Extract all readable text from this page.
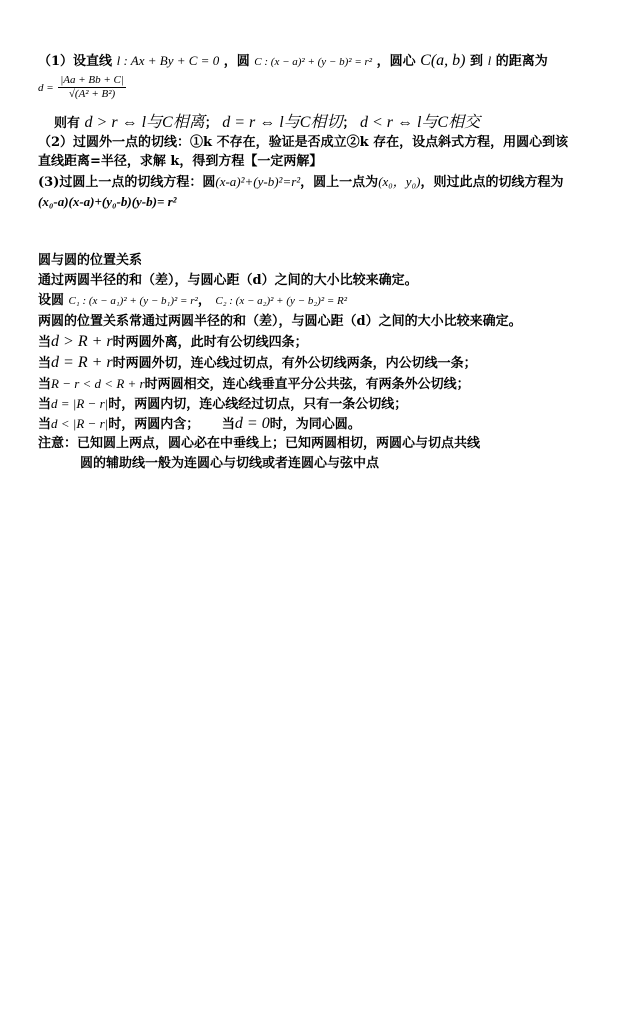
（1）设直线 l : Ax + By + C = 0 ，圆 C : (x − a)² + (y − b)² = r² ，圆心 C(a, b) 到 l 的距离为
$d = \frac{|Aa + Bb + C|}{\text{√(A² + B²)}}$
则有 d > r ⇔ l与C相离； d = r ⇔ l与C相切； d < r ⇔ l与C相交
（2）过圆外一点的切线：①k 不存在，验证是否成立②k 存在，设点斜式方程，用圆心到该
直线距离=半径，求解 k，得到方程【一定两解】
(3)过圆上一点的切线方程：圆(x-a)²+(y-b)²=r²，圆上一点为(x₀，y₀)，则过此点的切线方程为
(x₀-a)(x-a)+(y₀-b)(y-b)= r²
圆与圆的位置关系
通过两圆半径的和（差），与圆心距（d）之间的大小比较来确定。
设圆 C₁ : (x − a₁)² + (y − b₁)² = r²， C₂ : (x − a₂)² + (y − b₂)² = R²
两圆的位置关系常通过两圆半径的和（差），与圆心距（d）之间的大小比较来确定。
当d > R + r时两圆外离，此时有公切线四条；
当d = R + r时两圆外切，连心线过切点，有外公切线两条，内公切线一条；
当R − r < d < R + r时两圆相交，连心线垂直平分公共弦，有两条外公切线；
当d = |R − r|时，两圆内切，连心线经过切点，只有一条公切线；
当d < |R − r|时，两圆内含； 当d = 0时，为同心圆。
注意：已知圆上两点，圆心必在中垂线上；已知两圆相切，两圆心与切点共线
圆的辅助线一般为连圆心与切线或者连圆心与弦中点
